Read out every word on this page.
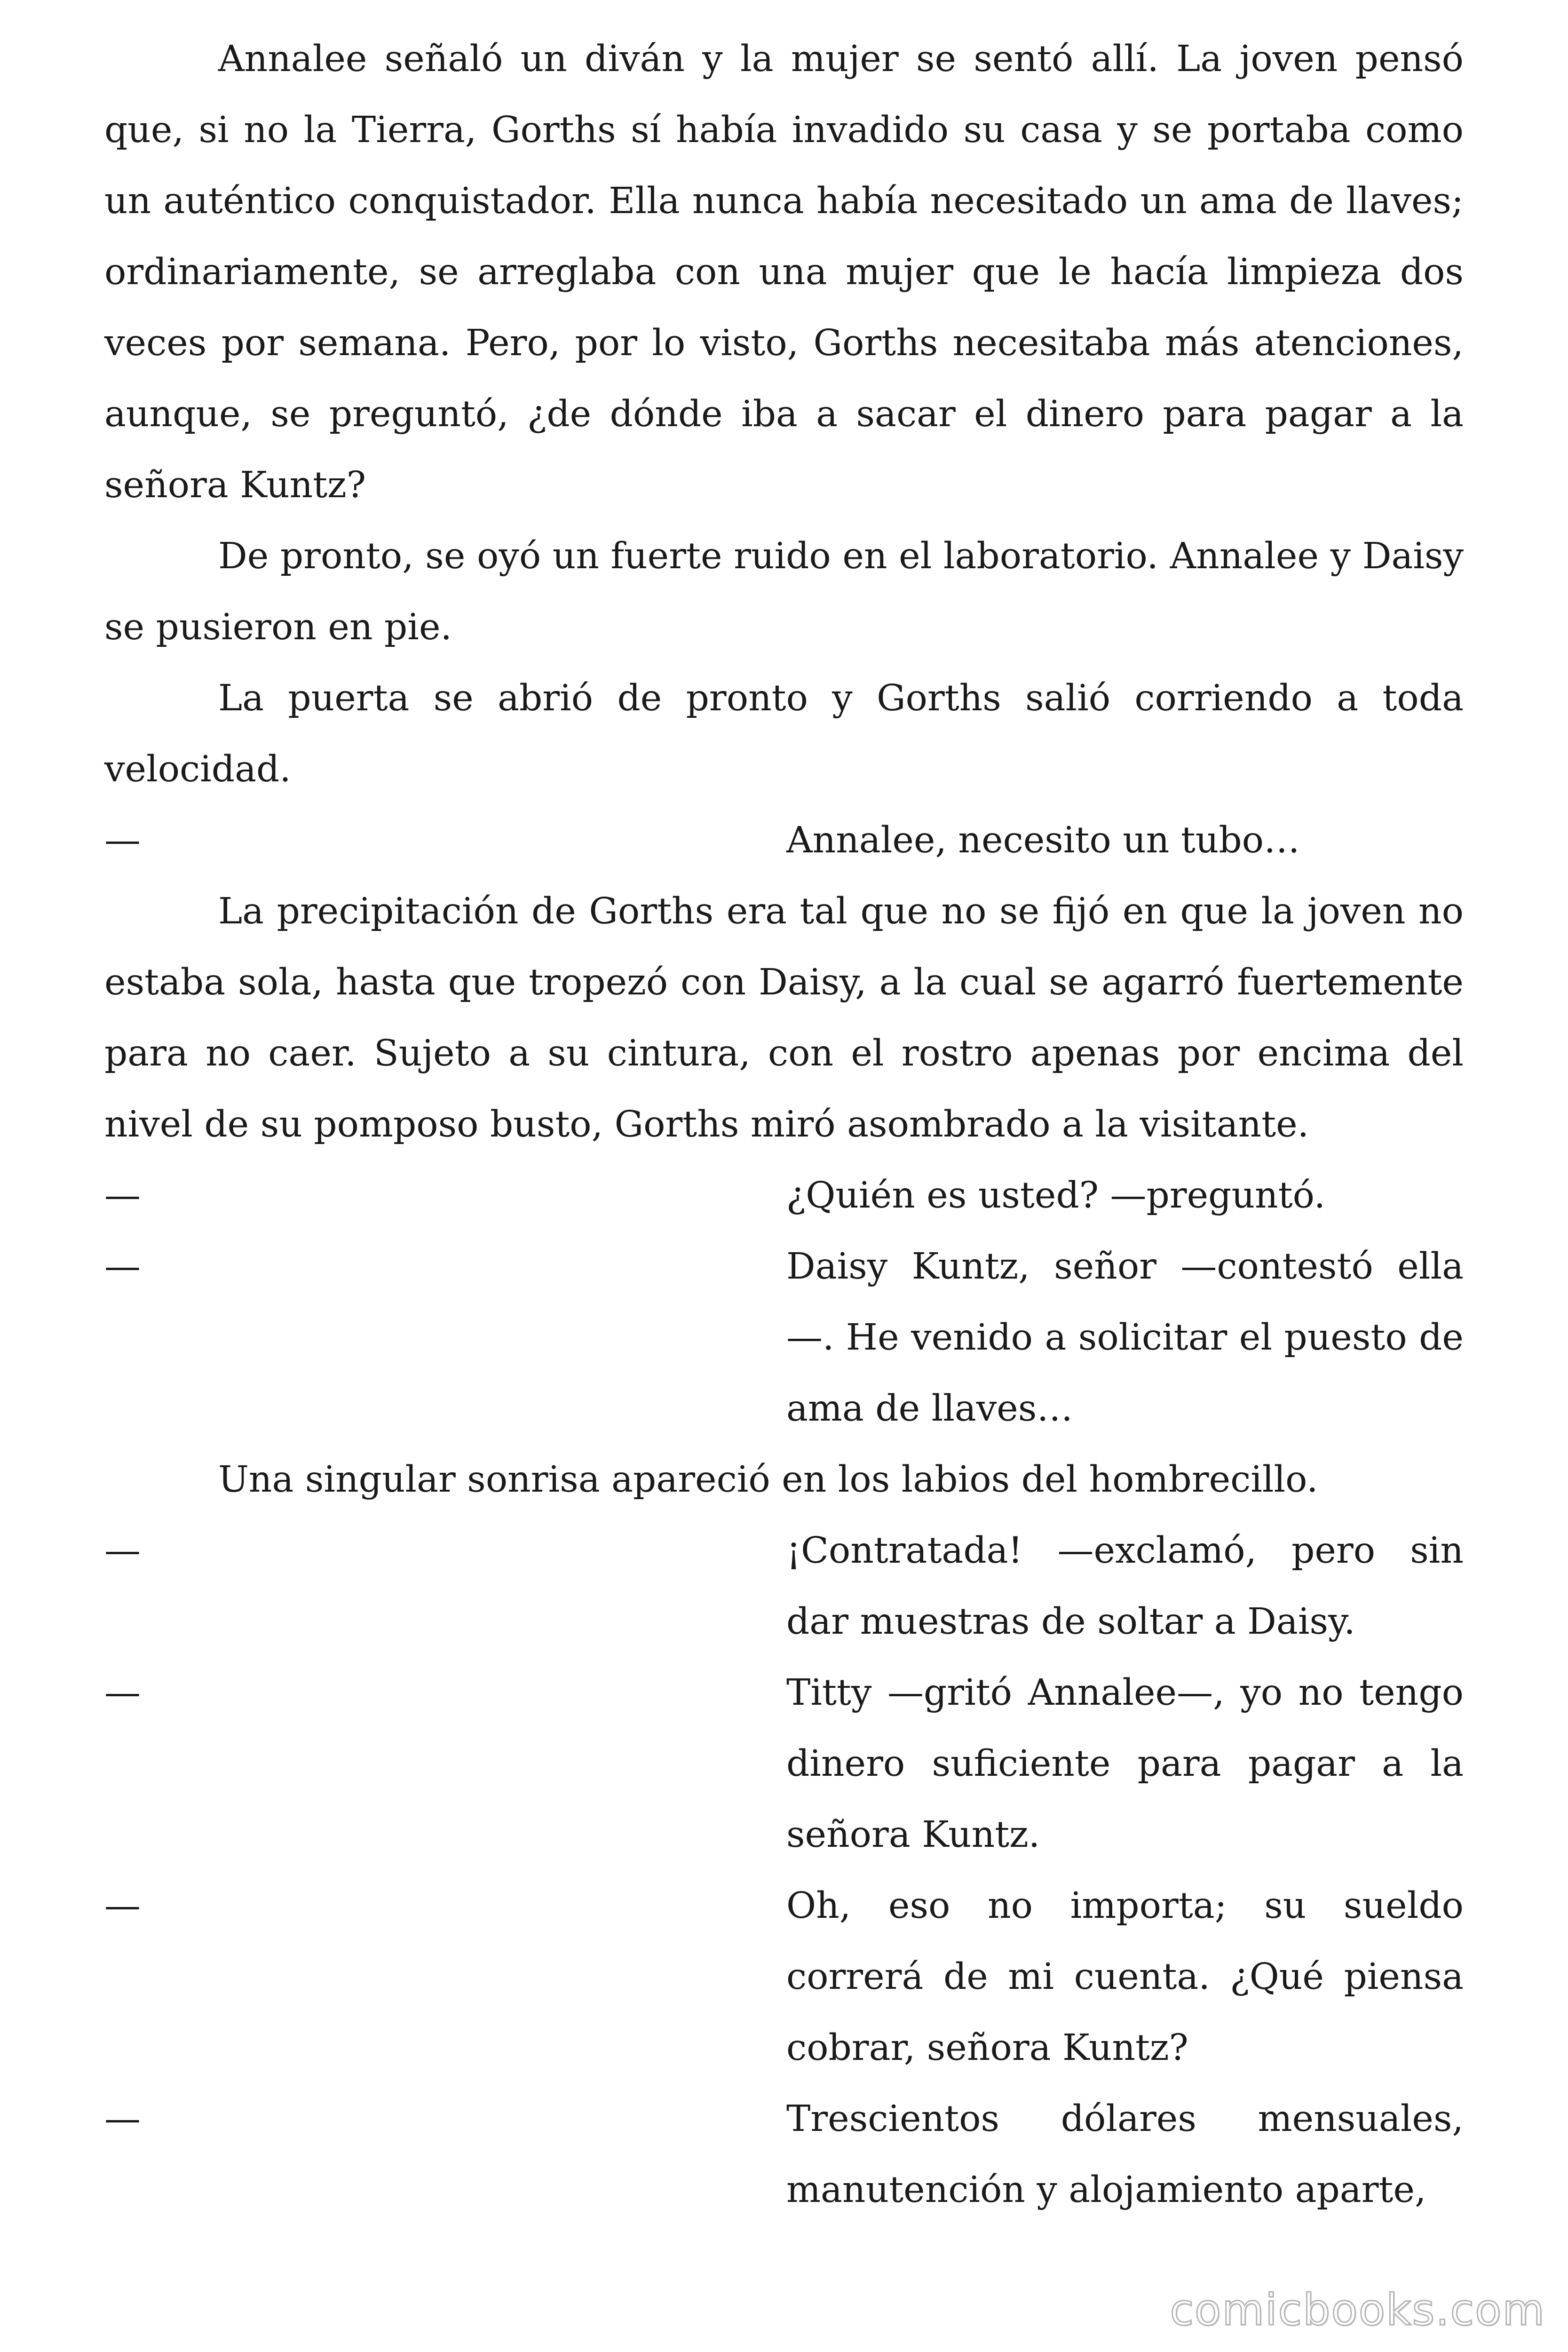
Annalee señaló un diván y la mujer se sentó allí. La joven pensó que, si no la Tierra, Gorths sí había invadido su casa y se portaba como un auténtico conquistador. Ella nunca había necesitado un ama de llaves; ordinariamente, se arreglaba con una mujer que le hacía limpieza dos veces por semana. Pero, por lo visto, Gorths necesitaba más atenciones, aunque, se preguntó, ¿de dónde iba a sacar el dinero para pagar a la señora Kuntz?

De pronto, se oyó un fuerte ruido en el laboratorio. Annalee y Daisy se pusieron en pie.

La puerta se abrió de pronto y Gorths salió corriendo a toda velocidad.

—	Annalee, necesito un tubo…

La precipitación de Gorths era tal que no se fijó en que la joven no estaba sola, hasta que tropezó con Daisy, a la cual se agarró fuertemente para no caer. Sujeto a su cintura, con el rostro apenas por encima del nivel de su pomposo busto, Gorths miró asombrado a la visitante.

—	¿Quién es usted? —preguntó.
—	Daisy Kuntz, señor —contestó ella —. He venido a solicitar el puesto de ama de llaves…

Una singular sonrisa apareció en los labios del hombrecillo.

—	¡Contratada! —exclamó, pero sin dar muestras de soltar a Daisy.
—	Titty —gritó Annalee—, yo no tengo dinero suficiente para pagar a la señora Kuntz.
—	Oh, eso no importa; su sueldo correrá de mi cuenta. ¿Qué piensa cobrar, señora Kuntz?
—	Trescientos dólares mensuales, manutención y alojamiento aparte,
comicbooks.com
